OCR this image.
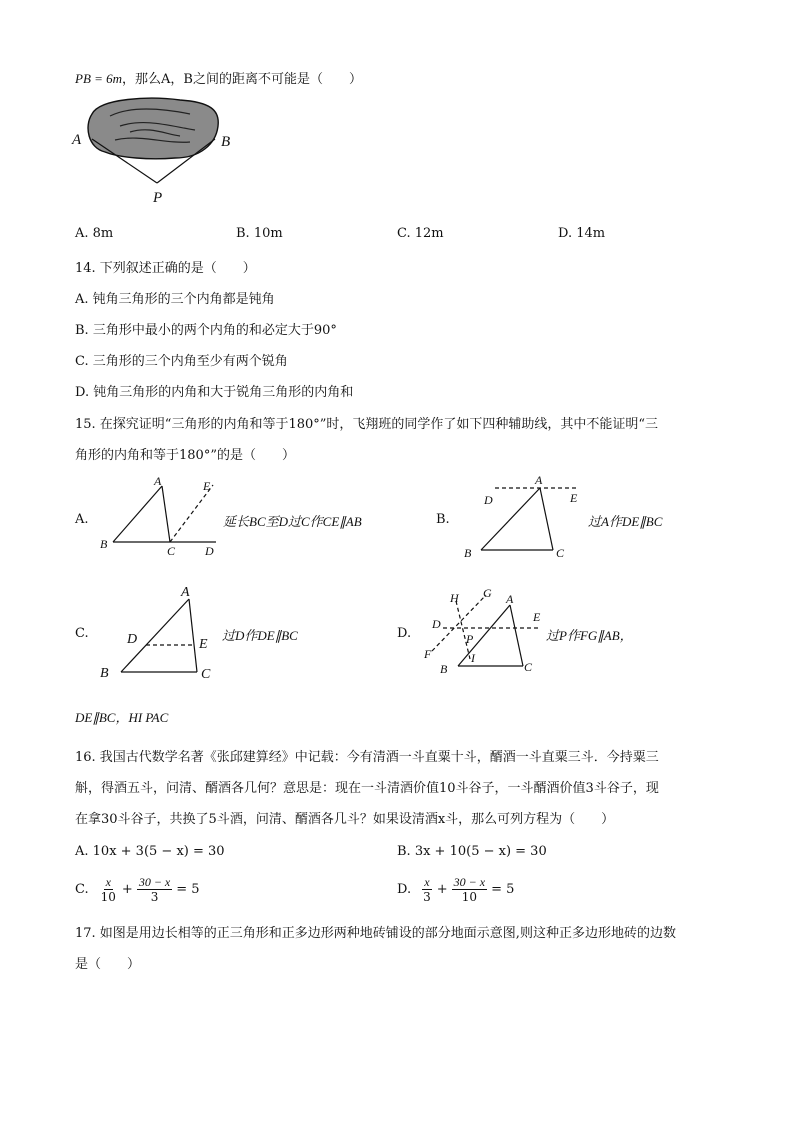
PB = 6m，那么A，B之间的距离不可能是（　　）
A	B
P
A. 8m	B. 10m	C. 12m	D. 14m
14. 下列叙述正确的是（　　）
A. 钝角三角形的三个内角都是钝角
B. 三角形中最小的两个内角的和必定大于90°
C. 三角形的三个内角至少有两个锐角
D. 钝角三角形的内角和大于锐角三角形的内角和
15. 在探究证明“三角形的内角和等于180°”时，飞翔班的同学作了如下四种辅助线，其中不能证明“三
角形的内角和等于180°”的是（　　）
A.
A
B	C D
E
延长BC至D过C作CE∥AB	B.
A
B	C
D	E
过A作DE∥BC
C.
A
B	C
D	E
过D作DE∥BC	D.
A
B	C
D	E
F
G
H
I
P	过P作FG∥AB，
DE∥BC，HI PAC
16. 我国古代数学名著《张邱建算经》中记载：今有清酒一斗直粟十斗，醑酒一斗直粟三斗．今持粟三
斛，得酒五斗，问清、醑酒各几何？意思是：现在一斗清酒价值10斗谷子，一斗醑酒价值3斗谷子，现
在拿30斗谷子，共换了5斗酒，问清、醑酒各几斗？如果设清酒x斗，那么可列方程为（　　）
A. 10x + 3(5 − x) = 30	B. 3x + 10(5 − x) = 30
C. $\frac{x}{10} + \frac{30 - x}{3} = 5$	D. $\frac{x}{3} + \frac{30 - x}{10} = 5$
17. 如图是用边长相等的正三角形和正多边形两种地砖铺设的部分地面示意图,则这种正多边形地砖的边数
是（　　）
